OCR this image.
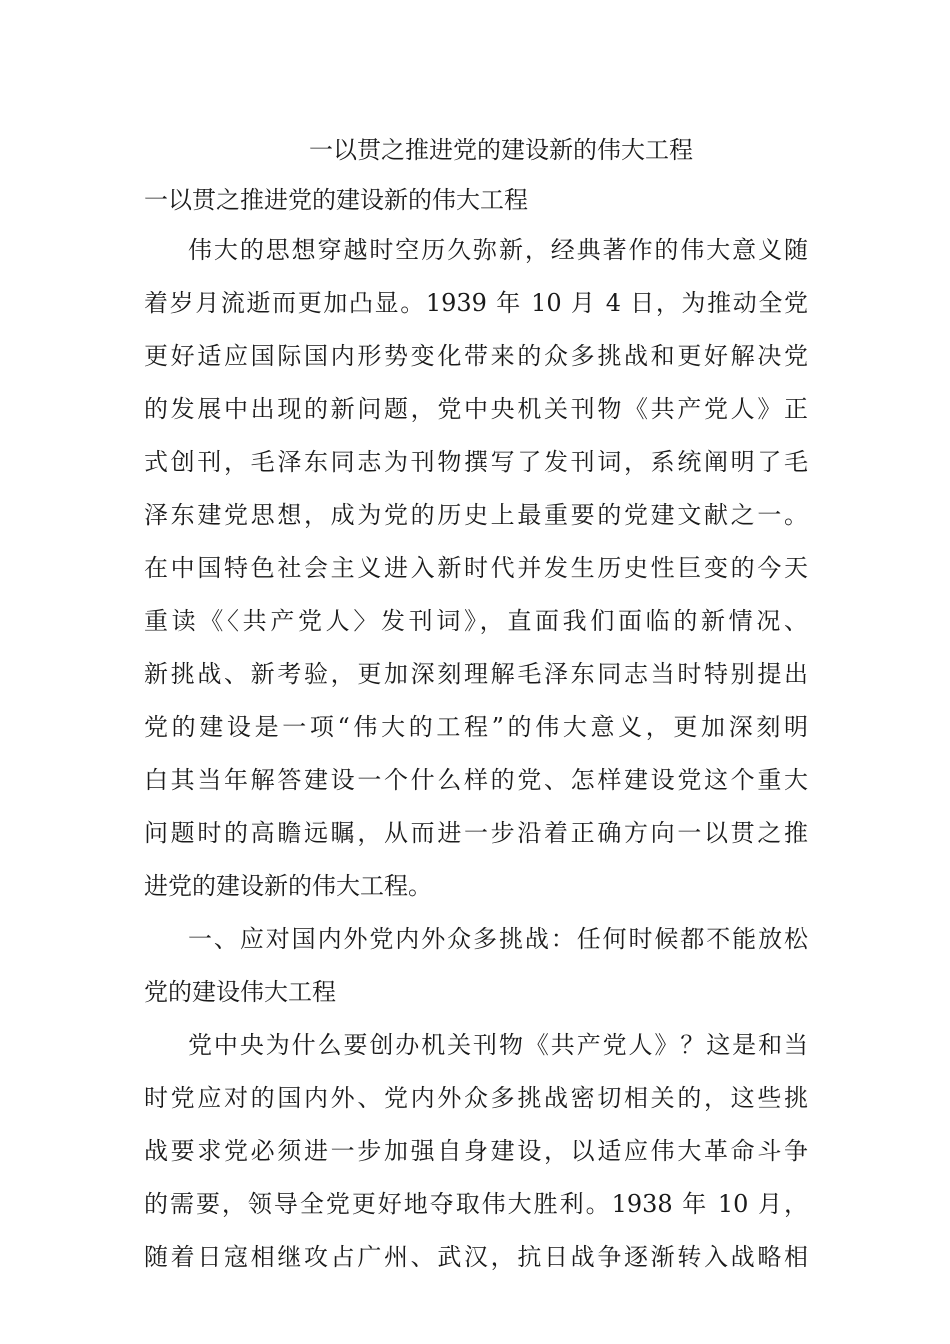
一以贯之推进党的建设新的伟大工程
一以贯之推进党的建设新的伟大工程
伟大的思想穿越时空历久弥新，经典著作的伟大意义随
着岁月流逝而更加凸显。1939 年 10 月 4 日，为推动全党
更好适应国际国内形势变化带来的众多挑战和更好解决党
的发展中出现的新问题，党中央机关刊物《共产党人》正
式创刊，毛泽东同志为刊物撰写了发刊词，系统阐明了毛
泽东建党思想，成为党的历史上最重要的党建文献之一。
在中国特色社会主义进入新时代并发生历史性巨变的今天
重读《〈共产党人〉发刊词》，直面我们面临的新情况、
新挑战、新考验，更加深刻理解毛泽东同志当时特别提出
党的建设是一项“伟大的工程”的伟大意义，更加深刻明
白其当年解答建设一个什么样的党、怎样建设党这个重大
问题时的高瞻远瞩，从而进一步沿着正确方向一以贯之推
进党的建设新的伟大工程。
一、应对国内外党内外众多挑战：任何时候都不能放松
党的建设伟大工程
党中央为什么要创办机关刊物《共产党人》？这是和当
时党应对的国内外、党内外众多挑战密切相关的，这些挑
战要求党必须进一步加强自身建设，以适应伟大革命斗争
的需要，领导全党更好地夺取伟大胜利。1938 年 10 月，
随着日寇相继攻占广州、武汉，抗日战争逐渐转入战略相
